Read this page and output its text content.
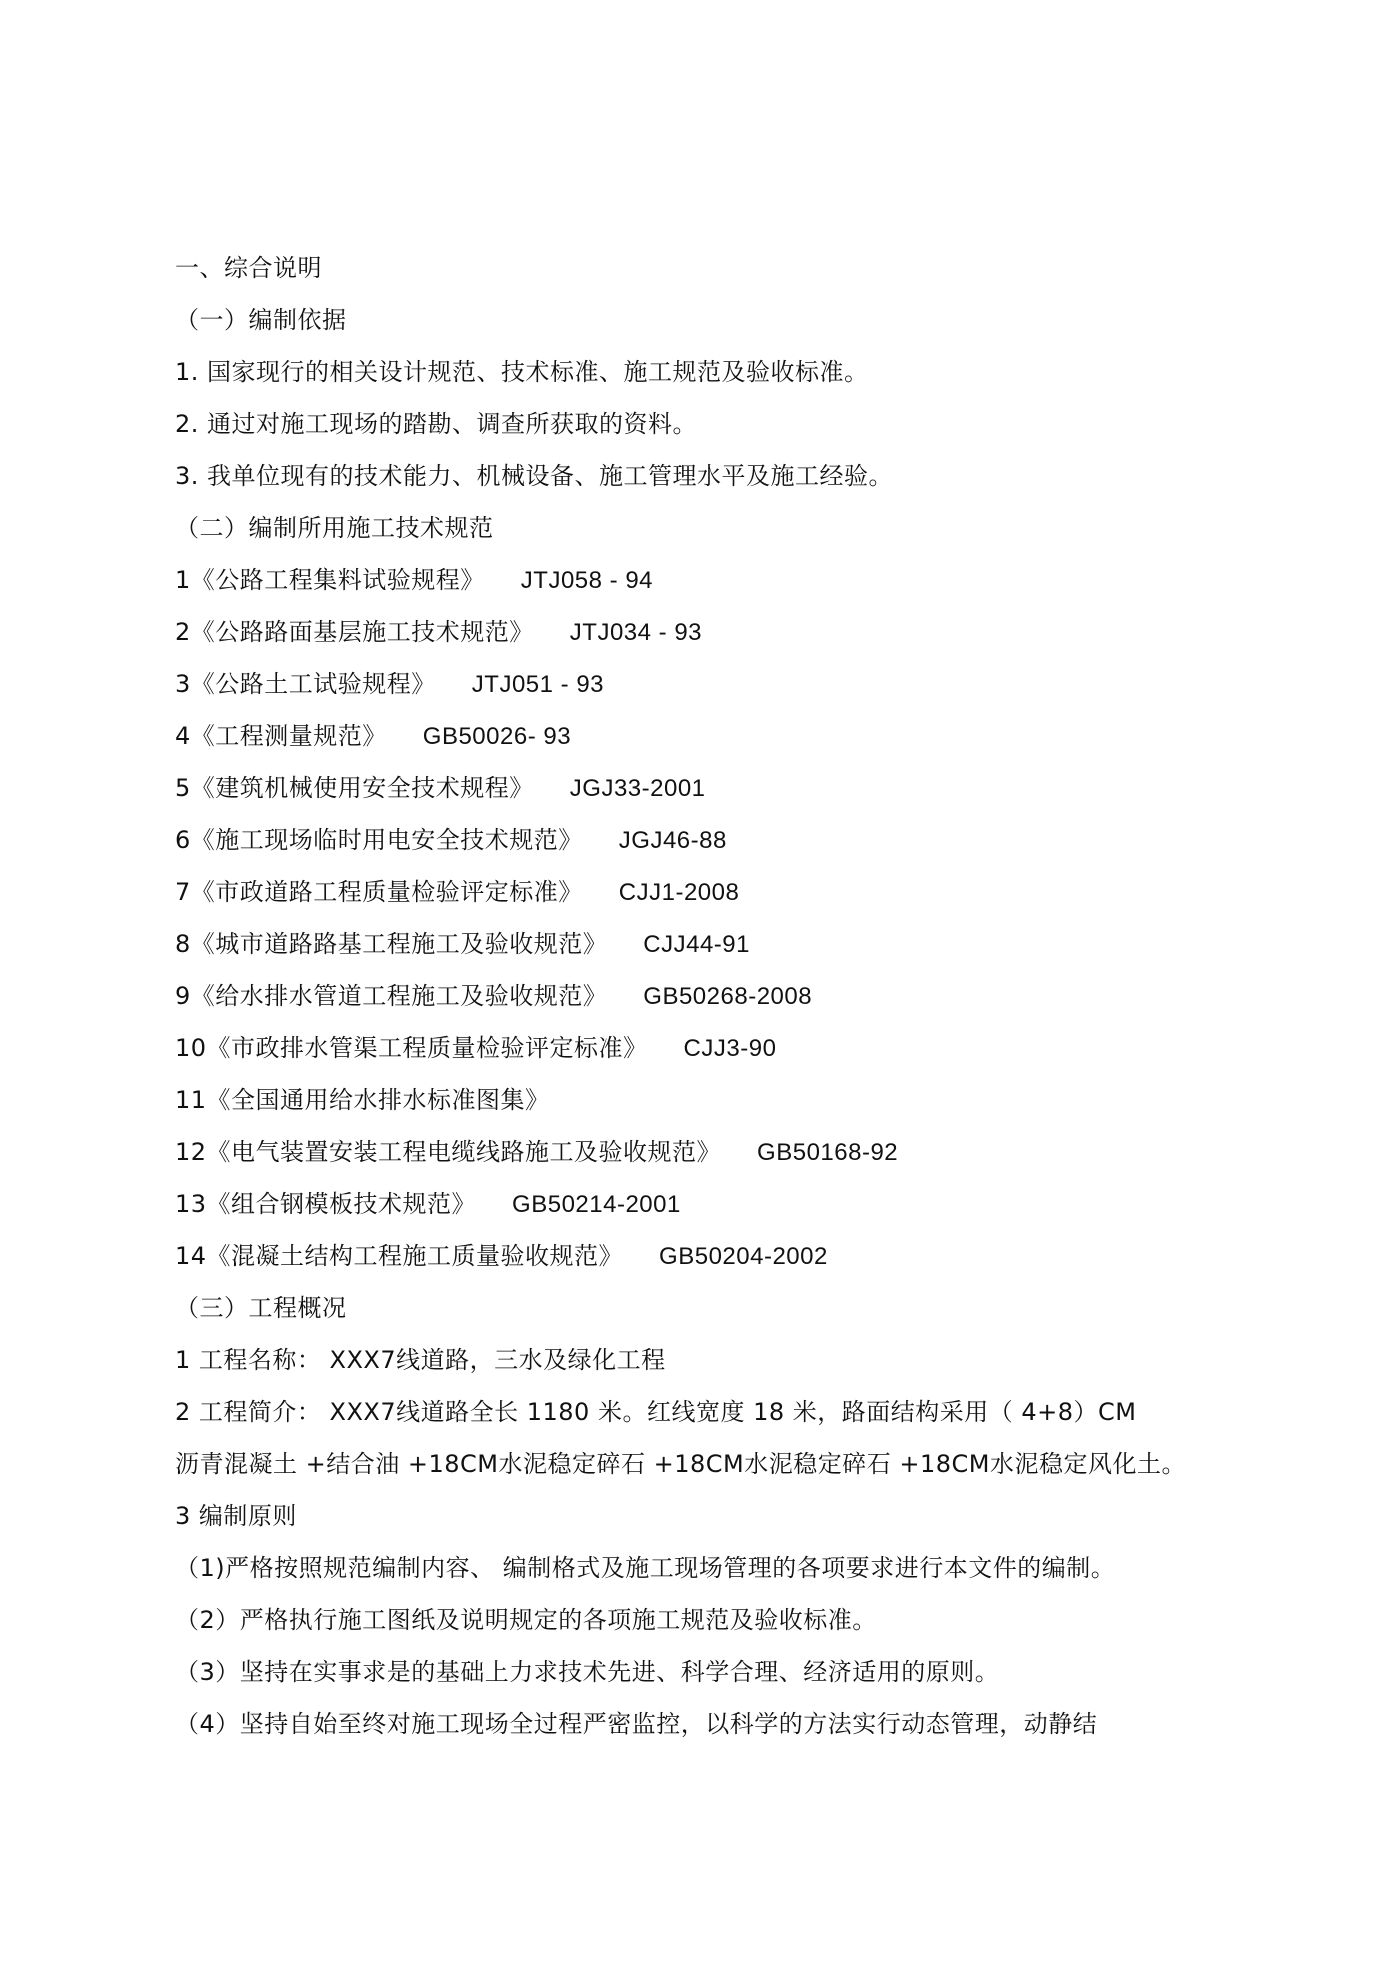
一、综合说明
（一）编制依据
1. 国家现行的相关设计规范、技术标准、施工规范及验收标准。
2. 通过对施工现场的踏勘、调查所获取的资料。
3. 我单位现有的技术能力、机械设备、施工管理水平及施工经验。
（二）编制所用施工技术规范
1《公路工程集料试验规程》 JTJ058 - 94
2《公路路面基层施工技术规范》 JTJ034 - 93
3《公路土工试验规程》 JTJ051 - 93
4《工程测量规范》 GB50026- 93
5《建筑机械使用安全技术规程》 JGJ33-2001
6《施工现场临时用电安全技术规范》 JGJ46-88
7《市政道路工程质量检验评定标准》 CJJ1-2008
8《城市道路路基工程施工及验收规范》 CJJ44-91
9《给水排水管道工程施工及验收规范》 GB50268-2008
10《市政排水管渠工程质量检验评定标准》 CJJ3-90
11《全国通用给水排水标准图集》
12《电气装置安装工程电缆线路施工及验收规范》 GB50168-92
13《组合钢模板技术规范》 GB50214-2001
14《混凝土结构工程施工质量验收规范》 GB50204-2002
（三）工程概况
1 工程名称： XXX7线道路，三水及绿化工程
2 工程简介： XXX7线道路全长 1180 米。红线宽度 18 米，路面结构采用（ 4+8）CM
沥青混凝土 +结合油 +18CM水泥稳定碎石 +18CM水泥稳定碎石 +18CM水泥稳定风化土。
3 编制原则
（1)严格按照规范编制内容、 编制格式及施工现场管理的各项要求进行本文件的编制。
（2）严格执行施工图纸及说明规定的各项施工规范及验收标准。
（3）坚持在实事求是的基础上力求技术先进、科学合理、经济适用的原则。
（4）坚持自始至终对施工现场全过程严密监控，以科学的方法实行动态管理，动静结
